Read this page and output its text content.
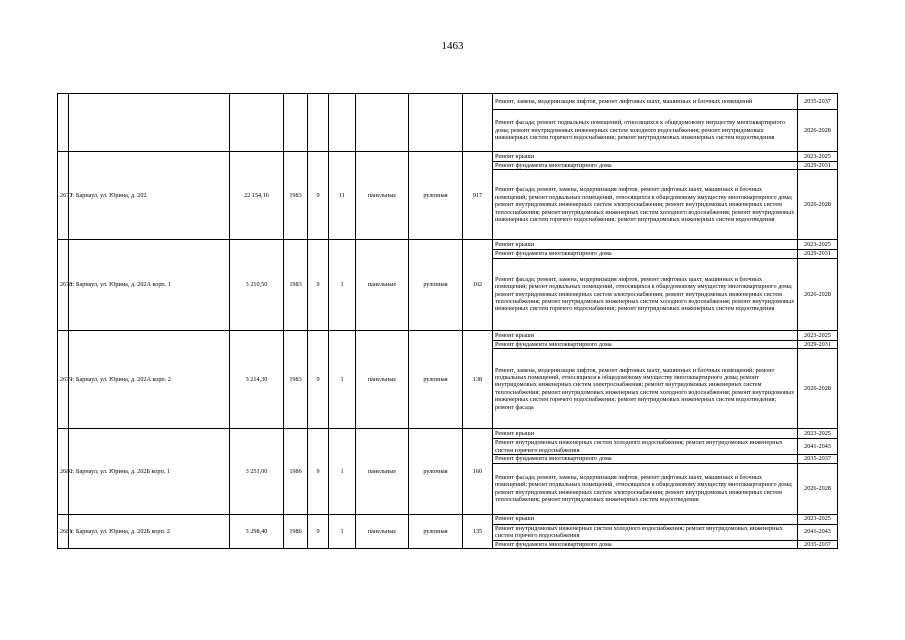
1463
									Ремонт, замена, модернизация лифтов, ремонт лифтовых шахт, машинных и блочных помещений	2035-2037
									Ремонт фасада; ремонт подвальных помещений, относящихся к общедомовому имуществу многоквартирного дома; ремонт внутридомовых инженерных систем холодного водоснабжения; ремонт внутридомовых инженерных систем горячего водоснабжения; ремонт внутридомовых инженерных систем водоотведения	2026-2028
2677	г. Барнаул, ул. Юрина, д. 202	22 154,16	1983	9	11	панельные	рулонная	917	Ремонт крыши	2023-2025
									Ремонт фундамента многоквартирного дома	2029-2031
									Ремонт фасада; ремонт, замена, модернизация лифтов, ремонт лифтовых шахт, машинных и блочных помещений; ремонт подвальных помещений, относящихся к общедомовому имуществу многоквартирного дома; ремонт внутридомовых инженерных систем электроснабжения; ремонт внутридомовых инженерных систем теплоснабжения; ремонт внутридомовых инженерных систем холодного водоснабжения; ремонт внутридомовых инженерных систем горячего водоснабжения; ремонт внутридомовых инженерных систем водоотведения	2026-2028
2678	г. Барнаул, ул. Юрина, д. 202А корп. 1	3 210,50	1983	9	1	панельные	рулонная	162	Ремонт крыши	2023-2025
									Ремонт фундамента многоквартирного дома	2029-2031
									Ремонт фасада; ремонт, замена, модернизация лифтов, ремонт лифтовых шахт, машинных и блочных помещений; ремонт подвальных помещений, относящихся к общедомовому имуществу многоквартирного дома; ремонт внутридомовых инженерных систем электроснабжения; ремонт внутридомовых инженерных систем теплоснабжения; ремонт внутридомовых инженерных систем холодного водоснабжения; ремонт внутридомовых инженерных систем горячего водоснабжения; ремонт внутридомовых инженерных систем водоотведения	2026-2028
2679	г. Барнаул, ул. Юрина, д. 202А корп. 2	3 214,30	1983	9	1	панельные	рулонная	138	Ремонт крыши	2023-2025
									Ремонт фундамента многоквартирного дома	2029-2031
									Ремонт, замена, модернизация лифтов, ремонт лифтовых шахт, машинных и блочных помещений; ремонт подвальных помещений, относящихся к общедомовому имуществу многоквартирного дома; ремонт внутридомовых инженерных систем электроснабжения; ремонт внутридомовых инженерных систем теплоснабжения; ремонт внутридомовых инженерных систем холодного водоснабжения; ремонт внутридомовых инженерных систем горячего водоснабжения; ремонт внутридомовых инженерных систем водоотведения; ремонт фасада	2026-2028
2680	г. Барнаул, ул. Юрина, д. 202Б корп. 1	3 251,00	1986	9	1	панельные	рулонная	160	Ремонт крыши	2023-2025
									Ремонт внутридомовых инженерных систем холодного водоснабжения; ремонт внутридомовых инженерных систем горячего водоснабжения	2041-2043
									Ремонт фундамента многоквартирного дома	2035-2037
									Ремонт фасада; ремонт, замена, модернизация лифтов, ремонт лифтовых шахт, машинных и блочных помещений; ремонт подвальных помещений, относящихся к общедомовому имуществу многоквартирного дома; ремонт внутридомовых инженерных систем электроснабжения; ремонт внутридомовых инженерных систем теплоснабжения; ремонт внутридомовых инженерных систем водоотведения	2026-2028
2681	г. Барнаул, ул. Юрина, д. 202Б корп. 2	3 298,40	1986	9	1	панельные	рулонная	135	Ремонт крыши	2023-2025
									Ремонт внутридомовых инженерных систем холодного водоснабжения; ремонт внутридомовых инженерных систем горячего водоснабжения	2041-2043
									Ремонт фундамента многоквартирного дома	2035-2037
